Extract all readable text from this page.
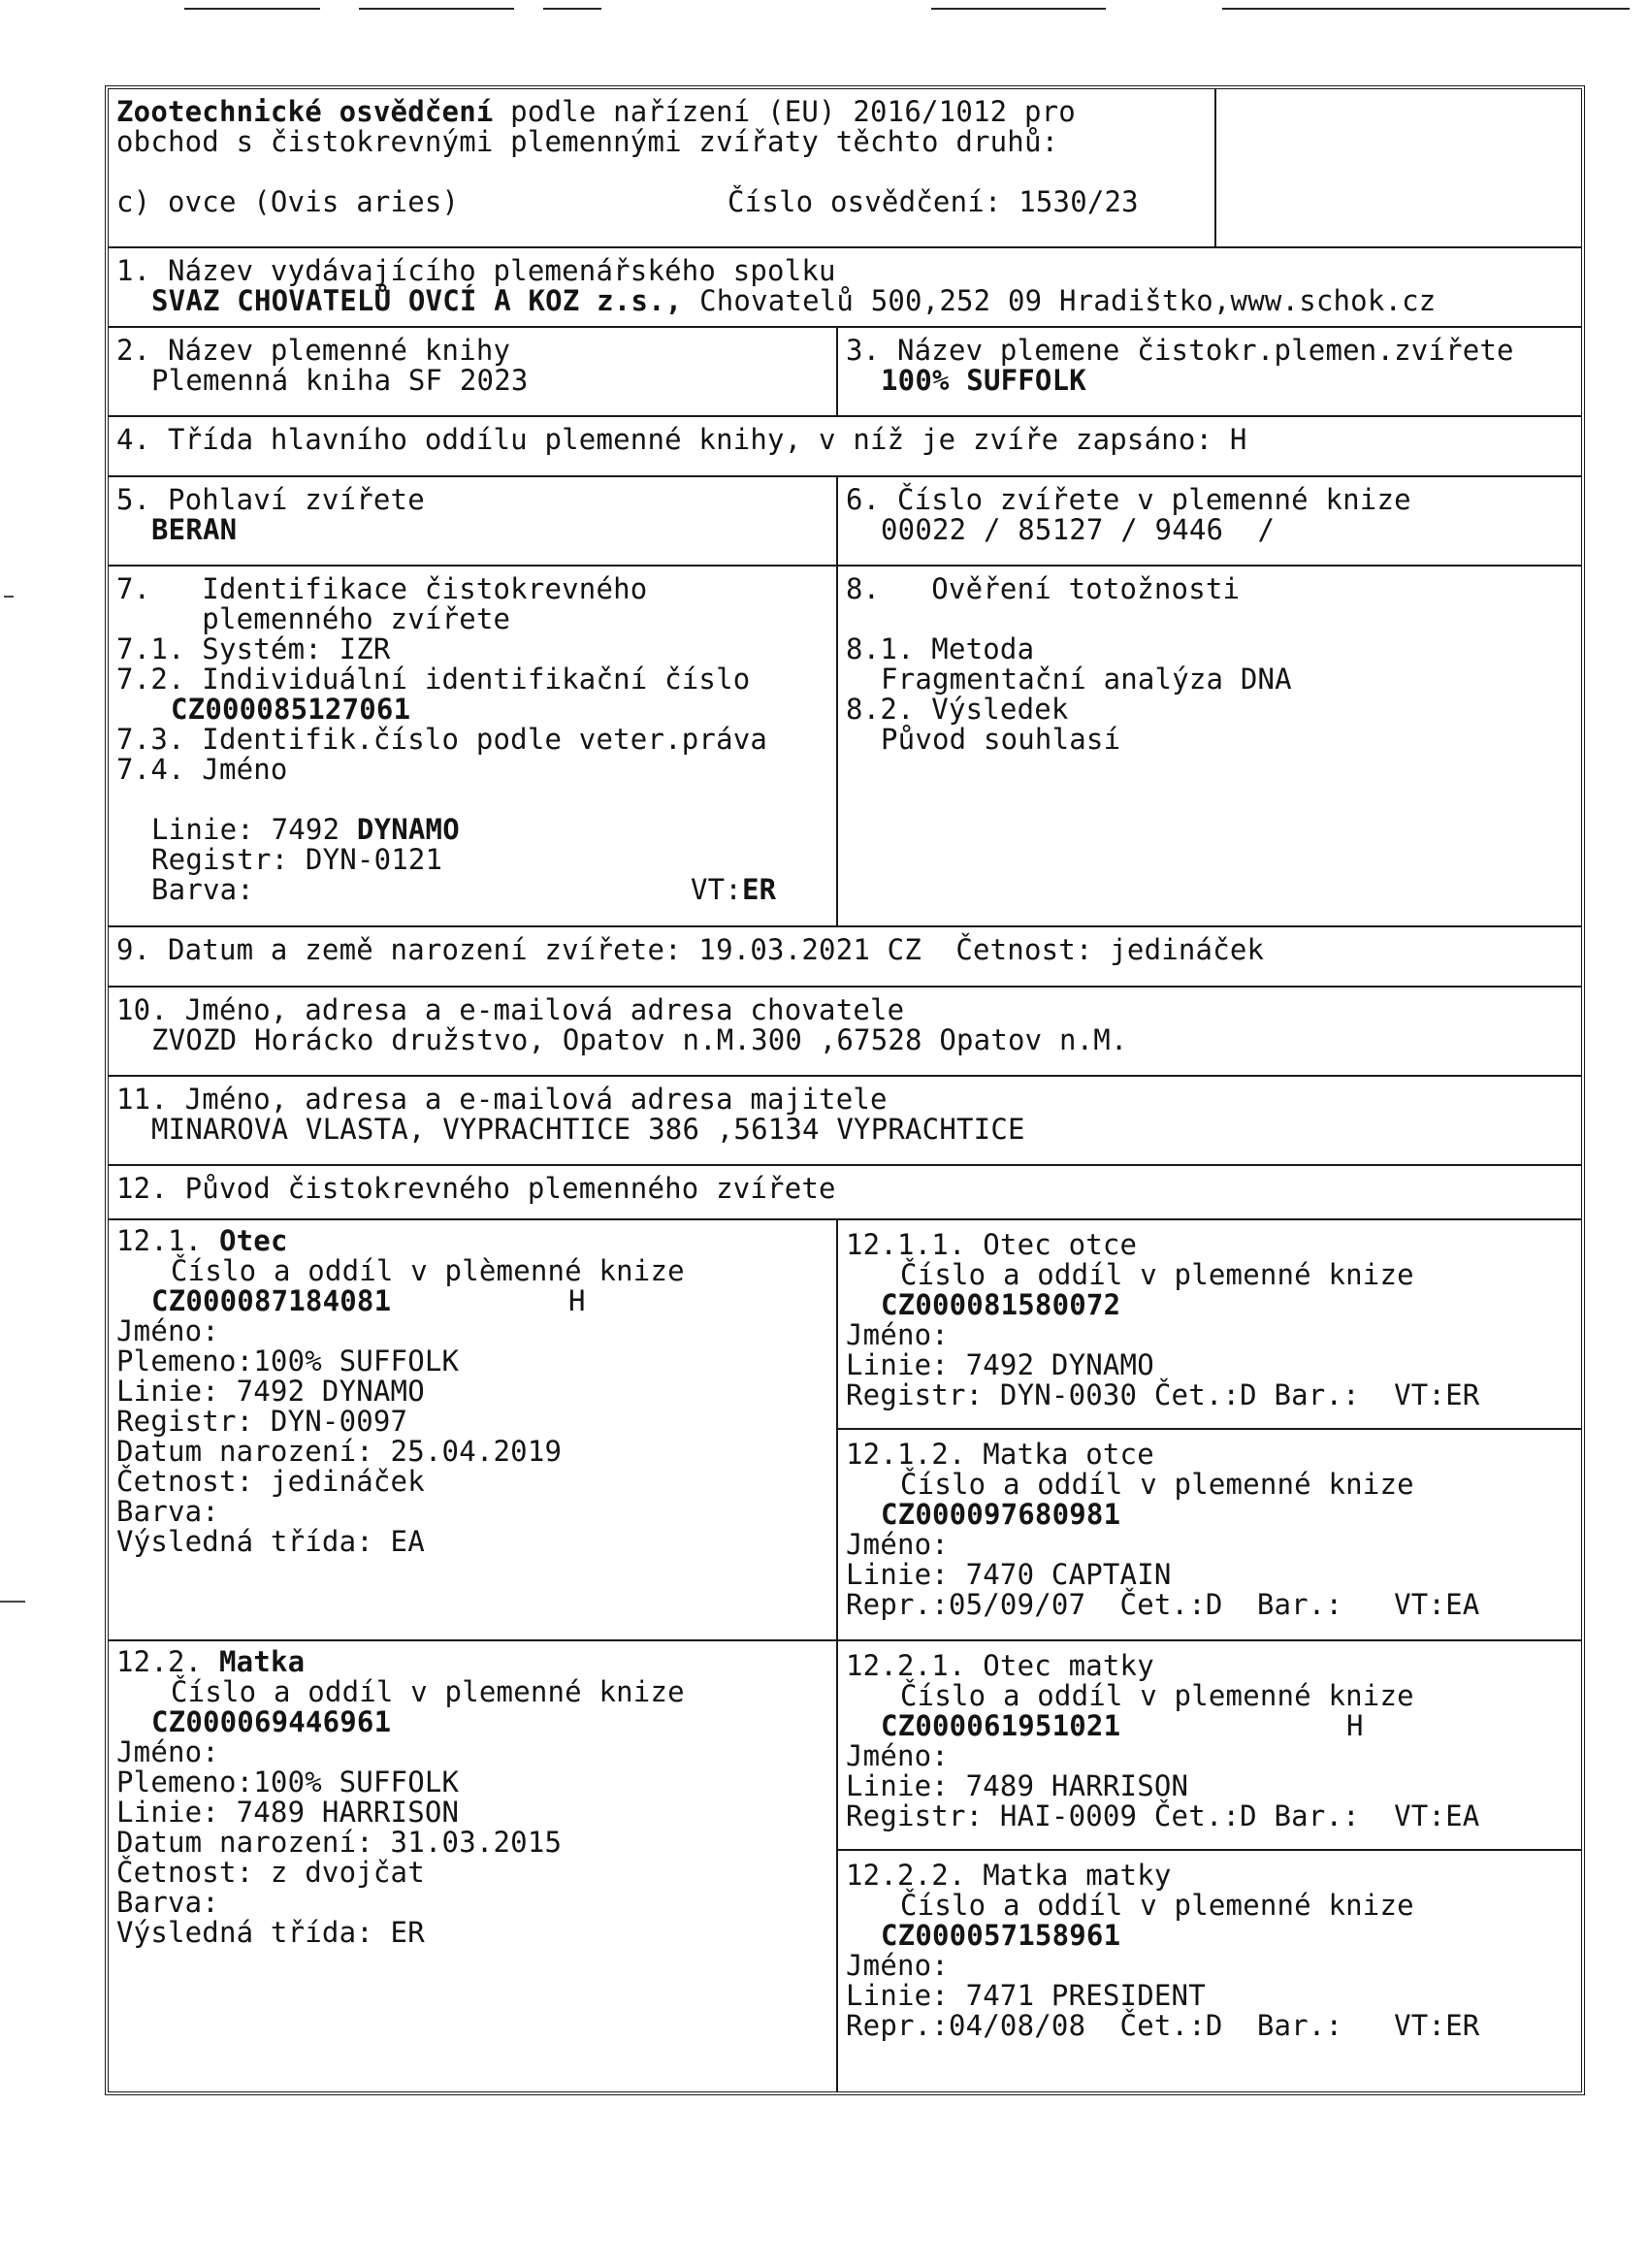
Zootechnické osvědčení podle nařízení (EU) 2016/1012 pro
obchod s čistokrevnými plemennými zvířaty těchto druhů:
c) ovce (Ovis aries)	Číslo osvědčení: 1530/23
1. Název vydávajícího plemenářského spolku
SVAZ CHOVATELŮ OVCÍ A KOZ z.s., Chovatelů 500,252 09 Hradištko,www.schok.cz
2. Název plemenné knihy
Plemenná kniha SF 2023
3. Název plemene čistokr.plemen.zvířete
100% SUFFOLK
4. Třída hlavního oddílu plemenné knihy, v níž je zvíře zapsáno: H
5. Pohlaví zvířete
BERAN
6. Číslo zvířete v plemenné knize
00022 / 85127 / 9446  /
7.   Identifikace čistokrevného
plemenného zvířete
7.1. Systém: IZR
7.2. Individuální identifikační číslo
CZ000085127061
7.3. Identifik.číslo podle veter.práva
7.4. Jméno
Linie: 7492 DYNAMO
Registr: DYN-0121
Barva:	VT:ER
8.   Ověření totožnosti
8.1. Metoda
Fragmentační analýza DNA
8.2. Výsledek
Původ souhlasí
9. Datum a země narození zvířete: 19.03.2021 CZ  Četnost: jedináček
10. Jméno, adresa a e-mailová adresa chovatele
ZVOZD Horácko družstvo, Opatov n.M.300 ,67528 Opatov n.M.
11. Jméno, adresa a e-mailová adresa majitele
MINAROVA VLASTA, VYPRACHTICE 386 ,56134 VYPRACHTICE
12. Původ čistokrevného plemenného zvířete
12.1. Otec
Číslo a oddíl v plèmenné knize
CZ000087184081	H
Jméno:
Plemeno:100% SUFFOLK
Linie: 7492 DYNAMO
Registr: DYN-0097
Datum narození: 25.04.2019
Četnost: jedináček
Barva:
Výsledná třída: EA
12.1.1. Otec otce
Číslo a oddíl v plemenné knize
CZ000081580072
Jméno:
Linie: 7492 DYNAMO
Registr: DYN-0030 Čet.:D Bar.:  VT:ER
12.1.2. Matka otce
Číslo a oddíl v plemenné knize
CZ000097680981
Jméno:
Linie: 7470 CAPTAIN
Repr.:05/09/07  Čet.:D  Bar.:   VT:EA
12.2. Matka
Číslo a oddíl v plemenné knize
CZ000069446961
Jméno:
Plemeno:100% SUFFOLK
Linie: 7489 HARRISON
Datum narození: 31.03.2015
Četnost: z dvojčat
Barva:
Výsledná třída: ER
12.2.1. Otec matky
Číslo a oddíl v plemenné knize
CZ000061951021	H
Jméno:
Linie: 7489 HARRISON
Registr: HAI-0009 Čet.:D Bar.:  VT:EA
12.2.2. Matka matky
Číslo a oddíl v plemenné knize
CZ000057158961
Jméno:
Linie: 7471 PRESIDENT
Repr.:04/08/08  Čet.:D  Bar.:   VT:ER
